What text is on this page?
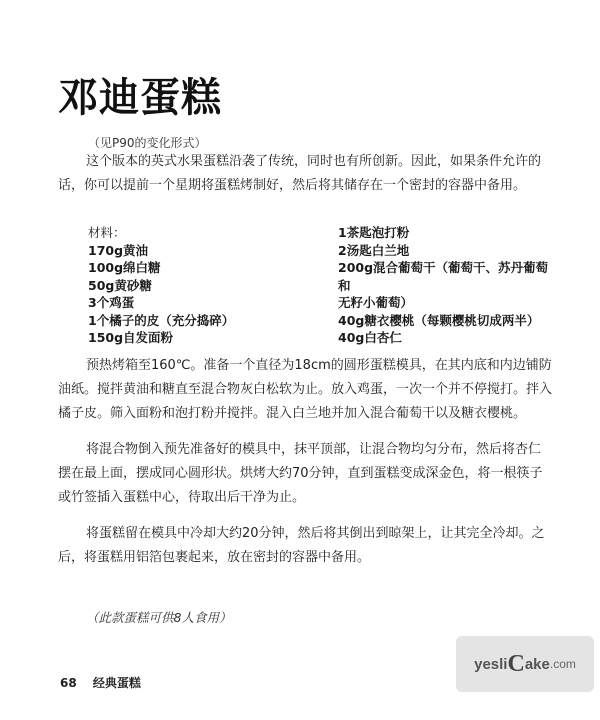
邓迪蛋糕
（见P90的变化形式）

这个版本的英式水果蛋糕沿袭了传统，同时也有所创新。因此，如果条件允许的话，你可以提前一个星期将蛋糕烤制好，然后将其储存在一个密封的容器中备用。

材料：
170g黄油
100g绵白糖
50g黄砂糖
3个鸡蛋
1个橘子的皮（充分捣碎）
150g自发面粉
1茶匙泡打粉
2汤匙白兰地
200g混合葡萄干（葡萄干、苏丹葡萄和
无籽小葡萄）
40g糖衣樱桃（每颗樱桃切成两半）
40g白杏仁

预热烤箱至160℃。准备一个直径为18cm的圆形蛋糕模具，在其内底和内边铺防油纸。搅拌黄油和糖直至混合物灰白松软为止。放入鸡蛋，一次一个并不停搅打。拌入橘子皮。筛入面粉和泡打粉并搅拌。混入白兰地并加入混合葡萄干以及糖衣樱桃。

将混合物倒入预先准备好的模具中，抹平顶部，让混合物均匀分布，然后将杏仁摆在最上面，摆成同心圆形状。烘烤大约70分钟，直到蛋糕变成深金色，将一根筷子或竹签插入蛋糕中心，待取出后干净为止。

将蛋糕留在模具中冷却大约20分钟，然后将其倒出到晾架上，让其完全冷却。之后，将蛋糕用铝箔包裹起来，放在密封的容器中备用。

（此款蛋糕可供8人食用）
68 经典蛋糕
yesli C ake .com
